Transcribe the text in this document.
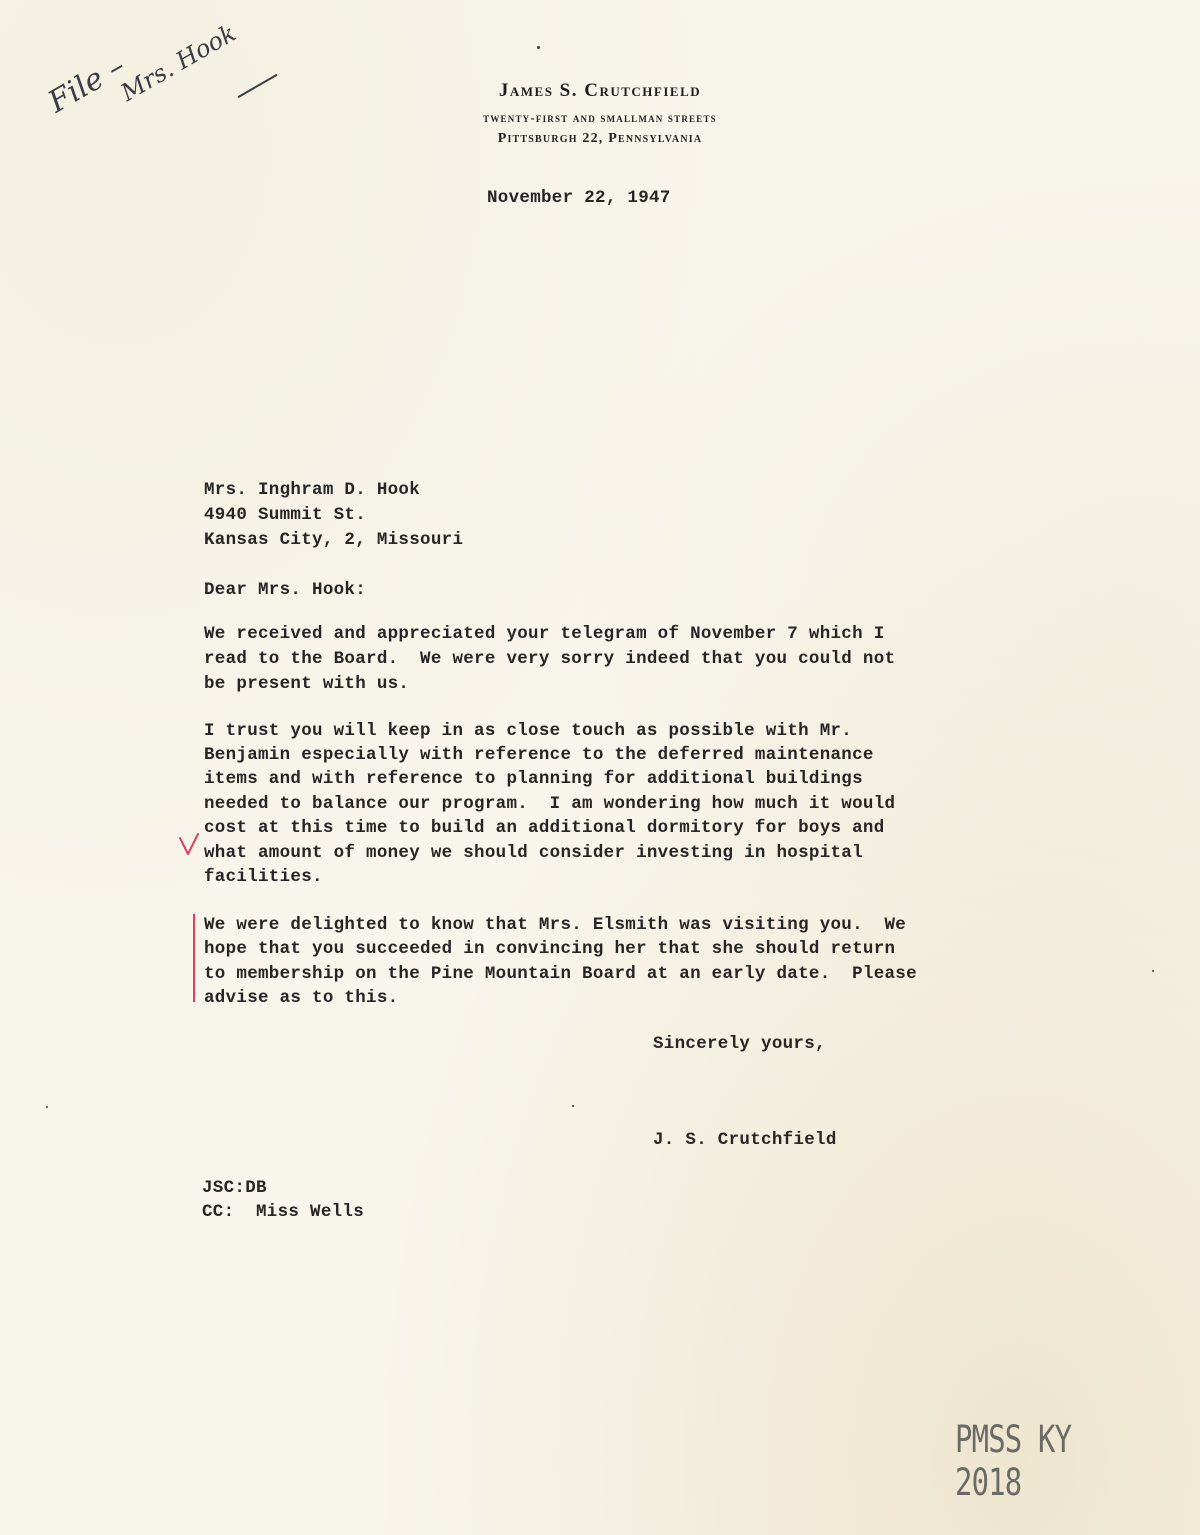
File –
Mrs. Hook	James S. Crutchfield
twenty-first and smallman streets
Pittsburgh 22, Pennsylvania
November 22, 1947
Mrs. Inghram D. Hook
4940 Summit St.
Kansas City, 2, Missouri
Dear Mrs. Hook:
We received and appreciated your telegram of November 7 which I
read to the Board.  We were very sorry indeed that you could not
be present with us.
I trust you will keep in as close touch as possible with Mr.
Benjamin especially with reference to the deferred maintenance
items and with reference to planning for additional buildings
needed to balance our program.  I am wondering how much it would
cost at this time to build an additional dormitory for boys and
what amount of money we should consider investing in hospital
facilities.
We were delighted to know that Mrs. Elsmith was visiting you.  We
hope that you succeeded in convincing her that she should return
to membership on the Pine Mountain Board at an early date.  Please
advise as to this.
Sincerely yours,
J. S. Crutchfield
JSC:DB
CC:  Miss Wells
PMSS KY 2018
